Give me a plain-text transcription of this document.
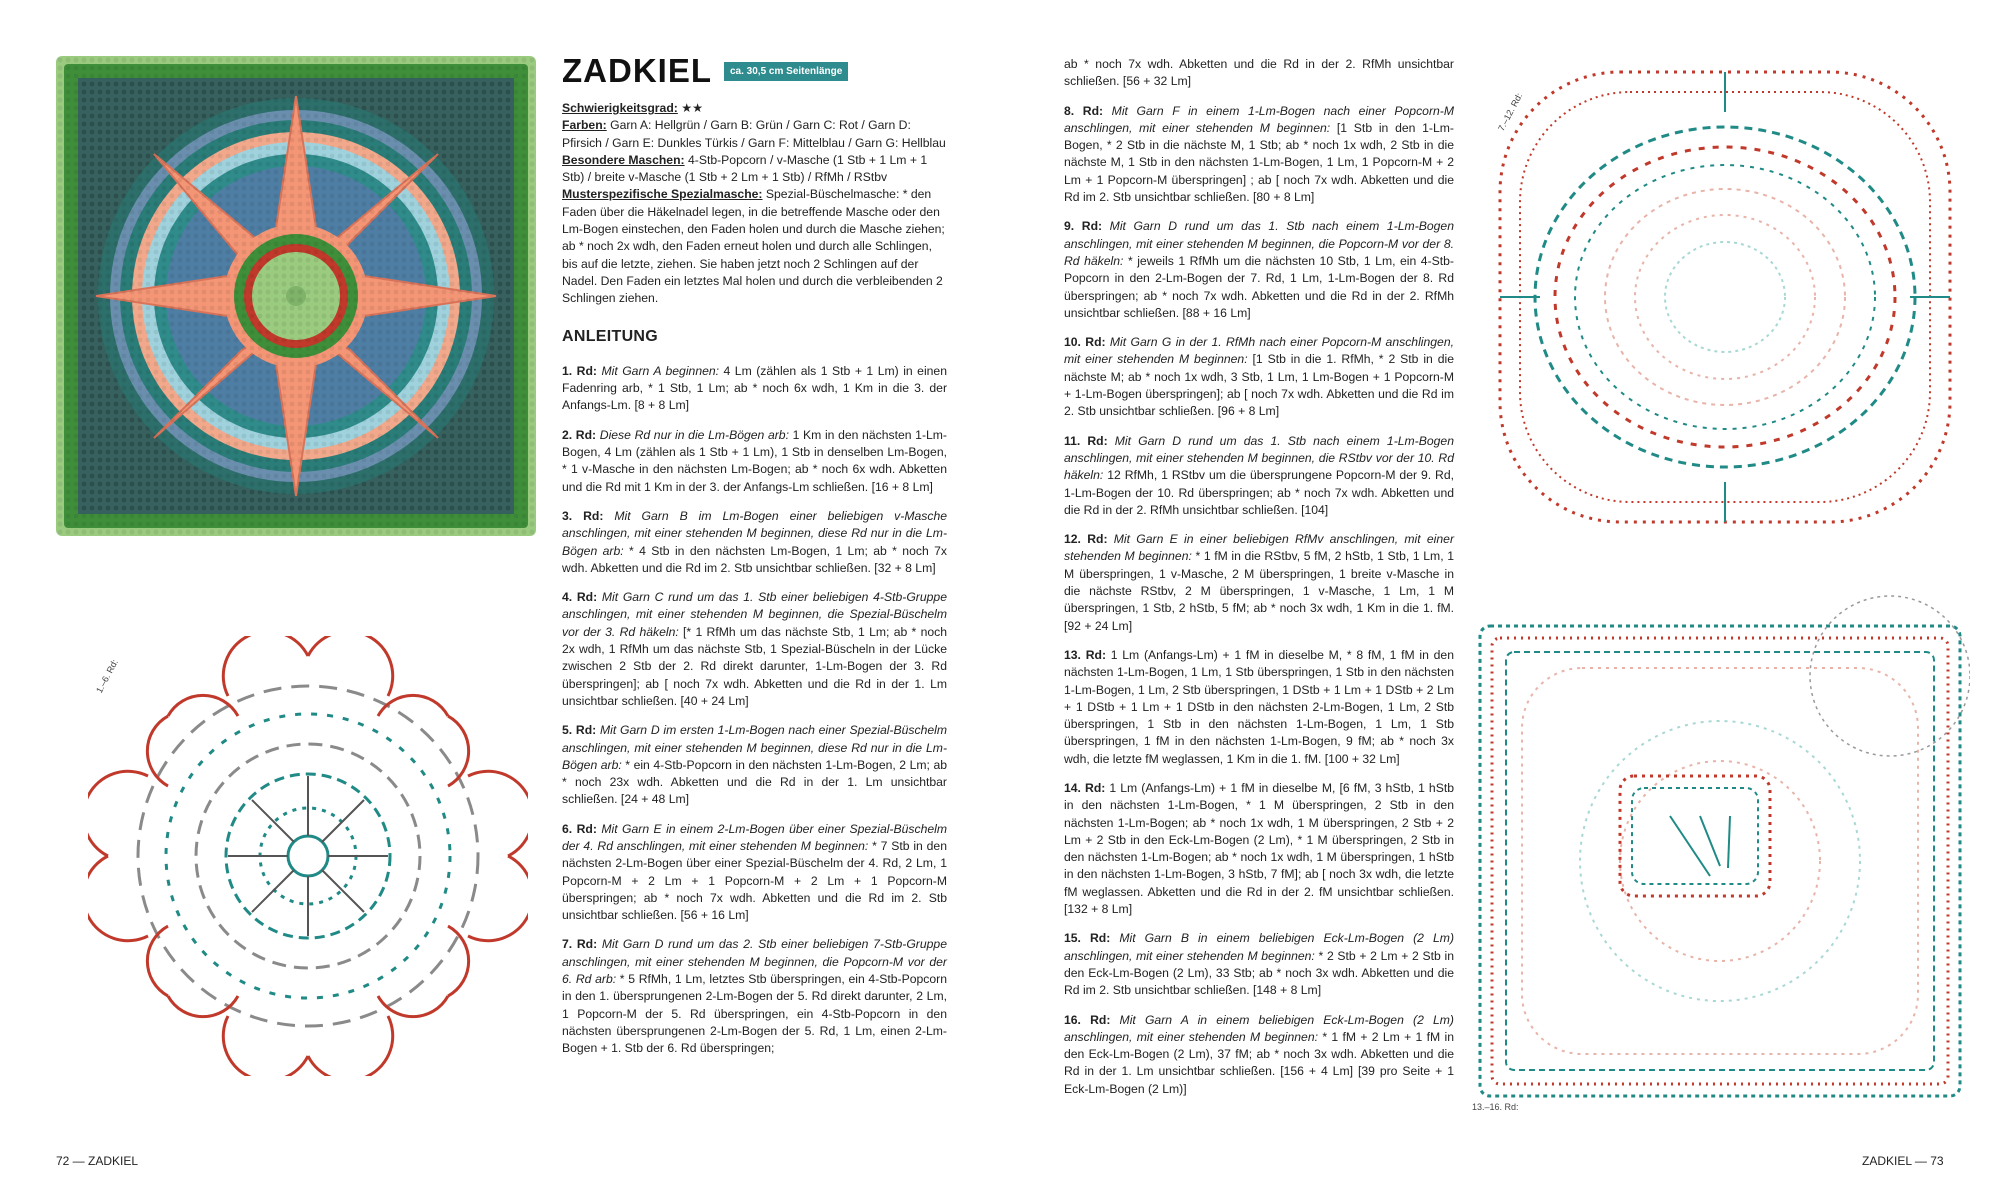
1.–6. Rd:
ZADKIEL	ca. 30,5 cm Seitenlänge

Schwierigkeitsgrad: ★★

Farben: Garn A: Hellgrün / Garn B: Grün / Garn C: Rot / Garn D: Pfirsich / Garn E: Dunkles Türkis / Garn F: Mittelblau / Garn G: Hellblau

Besondere Maschen: 4-Stb-Popcorn / v-Masche (1 Stb + 1 Lm + 1 Stb) / breite v-Masche (1 Stb + 2 Lm + 1 Stb) / RfMh / RStbv

Musterspezifische Spezialmasche: Spezial-Büschelmasche: * den Faden über die Häkelnadel legen, in die betreffende Masche oder den Lm-Bogen einstechen, den Faden holen und durch die Masche ziehen; ab * noch 2x wdh, den Faden erneut holen und durch alle Schlingen, bis auf die letzte, ziehen. Sie haben jetzt noch 2 Schlingen auf der Nadel. Den Faden ein letztes Mal holen und durch die verbleibenden 2 Schlingen ziehen.

ANLEITUNG

1. Rd: Mit Garn A beginnen: 4 Lm (zählen als 1 Stb + 1 Lm) in einen Fadenring arb, * 1 Stb, 1 Lm; ab * noch 6x wdh, 1 Km in die 3. der Anfangs-Lm. [8 + 8 Lm]

2. Rd: Diese Rd nur in die Lm-Bögen arb: 1 Km in den nächsten 1-Lm-Bogen, 4 Lm (zählen als 1 Stb + 1 Lm), 1 Stb in denselben Lm-Bogen, * 1 v-Masche in den nächsten Lm-Bogen; ab * noch 6x wdh. Abketten und die Rd mit 1 Km in der 3. der Anfangs-Lm schließen. [16 + 8 Lm]

3. Rd: Mit Garn B im Lm-Bogen einer beliebigen v-Masche anschlingen, mit einer stehenden M beginnen, diese Rd nur in die Lm-Bögen arb: * 4 Stb in den nächsten Lm-Bogen, 1 Lm; ab * noch 7x wdh. Abketten und die Rd im 2. Stb unsichtbar schließen. [32 + 8 Lm]

4. Rd: Mit Garn C rund um das 1. Stb einer beliebigen 4-Stb-Gruppe anschlingen, mit einer stehenden M beginnen, die Spezial-Büschelm vor der 3. Rd häkeln: [* 1 RfMh um das nächste Stb, 1 Lm; ab * noch 2x wdh, 1 RfMh um das nächste Stb, 1 Spezial-Büscheln in der Lücke zwischen 2 Stb der 2. Rd direkt darunter, 1-Lm-Bogen der 3. Rd überspringen]; ab [ noch 7x wdh. Abketten und die Rd in der 1. Lm unsichtbar schließen. [40 + 24 Lm]

5. Rd: Mit Garn D im ersten 1-Lm-Bogen nach einer Spezial-Büschelm anschlingen, mit einer stehenden M beginnen, diese Rd nur in die Lm-Bögen arb: * ein 4-Stb-Popcorn in den nächsten 1-Lm-Bogen, 2 Lm; ab * noch 23x wdh. Abketten und die Rd in der 1. Lm unsichtbar schließen. [24 + 48 Lm]

6. Rd: Mit Garn E in einem 2-Lm-Bogen über einer Spezial-Büschelm der 4. Rd anschlingen, mit einer stehenden M beginnen: * 7 Stb in den nächsten 2-Lm-Bogen über einer Spezial-Büschelm der 4. Rd, 2 Lm, 1 Popcorn-M + 2 Lm + 1 Popcorn-M + 2 Lm + 1 Popcorn-M überspringen; ab * noch 7x wdh. Abketten und die Rd im 2. Stb unsichtbar schließen. [56 + 16 Lm]

7. Rd: Mit Garn D rund um das 2. Stb einer beliebigen 7-Stb-Gruppe anschlingen, mit einer stehenden M beginnen, die Popcorn-M vor der 6. Rd arb: * 5 RfMh, 1 Lm, letztes Stb überspringen, ein 4-Stb-Popcorn in den 1. übersprungenen 2-Lm-Bogen der 5. Rd direkt darunter, 2 Lm, 1 Popcorn-M der 5. Rd überspringen, ein 4-Stb-Popcorn in den nächsten übersprungenen 2-Lm-Bogen der 5. Rd, 1 Lm, einen 2-Lm-Bogen + 1. Stb der 6. Rd überspringen;

72 — ZADKIEL

ab * noch 7x wdh. Abketten und die Rd in der 2. RfMh unsichtbar schließen. [56 + 32 Lm]

8. Rd: Mit Garn F in einem 1-Lm-Bogen nach einer Popcorn-M anschlingen, mit einer stehenden M beginnen: [1 Stb in den 1-Lm-Bogen, * 2 Stb in die nächste M, 1 Stb; ab * noch 1x wdh, 2 Stb in die nächste M, 1 Stb in den nächsten 1-Lm-Bogen, 1 Lm, 1 Popcorn-M + 2 Lm + 1 Popcorn-M überspringen] ; ab [ noch 7x wdh. Abketten und die Rd im 2. Stb unsichtbar schließen. [80 + 8 Lm]

9. Rd: Mit Garn D rund um das 1. Stb nach einem 1-Lm-Bogen anschlingen, mit einer stehenden M beginnen, die Popcorn-M vor der 8. Rd häkeln: * jeweils 1 RfMh um die nächsten 10 Stb, 1 Lm, ein 4-Stb-Popcorn in den 2-Lm-Bogen der 7. Rd, 1 Lm, 1-Lm-Bogen der 8. Rd überspringen; ab * noch 7x wdh. Abketten und die Rd in der 2. RfMh unsichtbar schließen. [88 + 16 Lm]

10. Rd: Mit Garn G in der 1. RfMh nach einer Popcorn-M anschlingen, mit einer stehenden M beginnen: [1 Stb in die 1. RfMh, * 2 Stb in die nächste M; ab * noch 1x wdh, 3 Stb, 1 Lm, 1 Lm-Bogen + 1 Popcorn-M + 1-Lm-Bogen überspringen]; ab [ noch 7x wdh. Abketten und die Rd im 2. Stb unsichtbar schließen. [96 + 8 Lm]

11. Rd: Mit Garn D rund um das 1. Stb nach einem 1-Lm-Bogen anschlingen, mit einer stehenden M beginnen, die RStbv vor der 10. Rd häkeln: 12 RfMh, 1 RStbv um die übersprungene Popcorn-M der 9. Rd, 1-Lm-Bogen der 10. Rd überspringen; ab * noch 7x wdh. Abketten und die Rd in der 2. RfMh unsichtbar schließen. [104]

12. Rd: Mit Garn E in einer beliebigen RfMv anschlingen, mit einer stehenden M beginnen: * 1 fM in die RStbv, 5 fM, 2 hStb, 1 Stb, 1 Lm, 1 M überspringen, 1 v-Masche, 2 M überspringen, 1 breite v-Masche in die nächste RStbv, 2 M überspringen, 1 v-Masche, 1 Lm, 1 M überspringen, 1 Stb, 2 hStb, 5 fM; ab * noch 3x wdh, 1 Km in die 1. fM. [92 + 24 Lm]

13. Rd: 1 Lm (Anfangs-Lm) + 1 fM in dieselbe M, * 8 fM, 1 fM in den nächsten 1-Lm-Bogen, 1 Lm, 1 Stb überspringen, 1 Stb in den nächsten 1-Lm-Bogen, 1 Lm, 2 Stb überspringen, 1 DStb + 1 Lm + 1 DStb + 2 Lm + 1 DStb + 1 Lm + 1 DStb in den nächsten 2-Lm-Bogen, 1 Lm, 2 Stb überspringen, 1 Stb in den nächsten 1-Lm-Bogen, 1 Lm, 1 Stb überspringen, 1 fM in den nächsten 1-Lm-Bogen, 9 fM; ab * noch 3x wdh, die letzte fM weglassen, 1 Km in die 1. fM. [100 + 32 Lm]

14. Rd: 1 Lm (Anfangs-Lm) + 1 fM in dieselbe M, [6 fM, 3 hStb, 1 hStb in den nächsten 1-Lm-Bogen, * 1 M überspringen, 2 Stb in den nächsten 1-Lm-Bogen; ab * noch 1x wdh, 1 M überspringen, 2 Stb + 2 Lm + 2 Stb in den Eck-Lm-Bogen (2 Lm), * 1 M überspringen, 2 Stb in den nächsten 1-Lm-Bogen; ab * noch 1x wdh, 1 M überspringen, 1 hStb in den nächsten 1-Lm-Bogen, 3 hStb, 7 fM]; ab [ noch 3x wdh, die letzte fM weglassen. Abketten und die Rd in der 2. fM unsichtbar schließen. [132 + 8 Lm]

15. Rd: Mit Garn B in einem beliebigen Eck-Lm-Bogen (2 Lm) anschlingen, mit einer stehenden M beginnen: * 2 Stb + 2 Lm + 2 Stb in den Eck-Lm-Bogen (2 Lm), 33 Stb; ab * noch 3x wdh. Abketten und die Rd im 2. Stb unsichtbar schließen. [148 + 8 Lm]

16. Rd: Mit Garn A in einem beliebigen Eck-Lm-Bogen (2 Lm) anschlingen, mit einer stehenden M beginnen: * 1 fM + 2 Lm + 1 fM in den Eck-Lm-Bogen (2 Lm), 37 fM; ab * noch 3x wdh. Abketten und die Rd in der 1. Lm unsichtbar schließen. [156 + 4 Lm] [39 pro Seite + 1 Eck-Lm-Bogen (2 Lm)]

7.–12. Rd:
13.–16. Rd:
ZADKIEL — 73
